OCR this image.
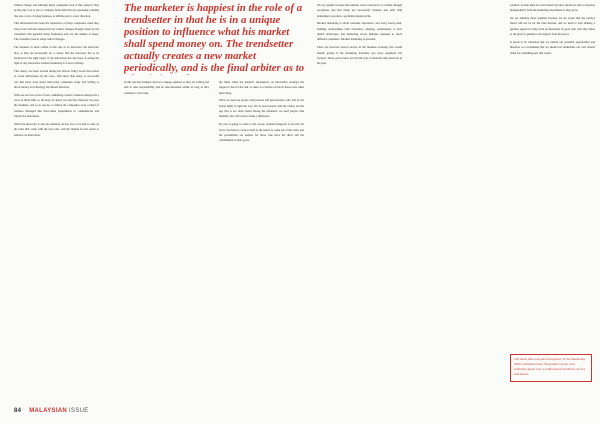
The marketer is happiest in the role of a trendsetter in that he is in a unique position to influence what his market shall spend money on. The trendsetter actually creates a new market periodically, and is the final arbiter as to

without change and although many companies look at this option it may be the only way to save a company from extinction by separating a middle line was a way of doing business, or shifting out to a new direction.

This information has been the experience of many companies when they were faced with the unexpected but radical changes brought about by the consumers that upended many businesses and saw the demise of many. The customers lead to adopt radical changes.

The marketer is most visible in this role as an innovator, the innovator may or may not necessarily be a creator. But the innovator has to be anchored to the right target: if the innovation has any hope of seeing the light of day, innovative without marketing is at best a fantasy.

This reality was most evident during the Silicon Valley boom that started to create millionaires by the score, after more than many so successful was that there were many innovative companies ready and willing to throw money at technology but missed direction.

With one success scores of new, exhibiting creative ventures emerged on a wave of blind faith, so the hope for many was that the visionary was also the marketer, and so in success or failure the companies were a blend of ventures managed like hit-or-miss experiments to communicate and exploit the innovation.

When the innovator is also the marketer, he has also to be able to take on the risks that come with the new idea, and the market in turn needs to embrace an innovation.

In this role the marketer strives to change opinions as they are willing and able to take responsibility and be risk-orientated within as long as they continue to add value.

the times when the market's dependence on innovation outstrips the support it has for the risk, so there is a burden of risk in these roles when innovating.

What we need are people with passion and perseverance who will be the vision lights to light the way. We do need people with the vision, not the ego that is too often found among the dreamers; we need people with humility who will want to make a difference.

No one is going to come to the rescue; national hangover is not that far away. You have to work as hard as the nation to come out of the crisis, and the possibilities are endless for those who have the drive and the commitment to their goals.

We are capable because the business source selected is a variable through exceptions and that many not necessarily translate into skill with marketing to produce a profitable market niche.

Modern marketing is about customer experience, and every touch point, building relationships with customers, adapting continuously to new digital landscapes, and marketing across multiple channels to reach different consumers. Modern marketing is personal.

There are however several sectors in the business economy that would benefit greatly if the marketing fraternity was more organised and focused. These sectors have not had the type of attention they deserved in the past.

solution. A team must be well trained and they should be able to function independently from the marketing department as they grow.

We are entering those qualities because we are aware that the journey ahead will not be for the faint hearted, and we need to start making a genuine appeal for help from professionals of good will, who may listen to the plea for guidance and support from the sector.

It needs to be reiterated that we lament our potential superiorities and therefore we recommend that we should not undermine our own natural talent for something new that works.

The mark plan was pieced together in the Marketing Times editorial room, the product of our own reflection given over a mild-mannered dinner of rice and beans.
84 MALAYSIAN ISSUE
